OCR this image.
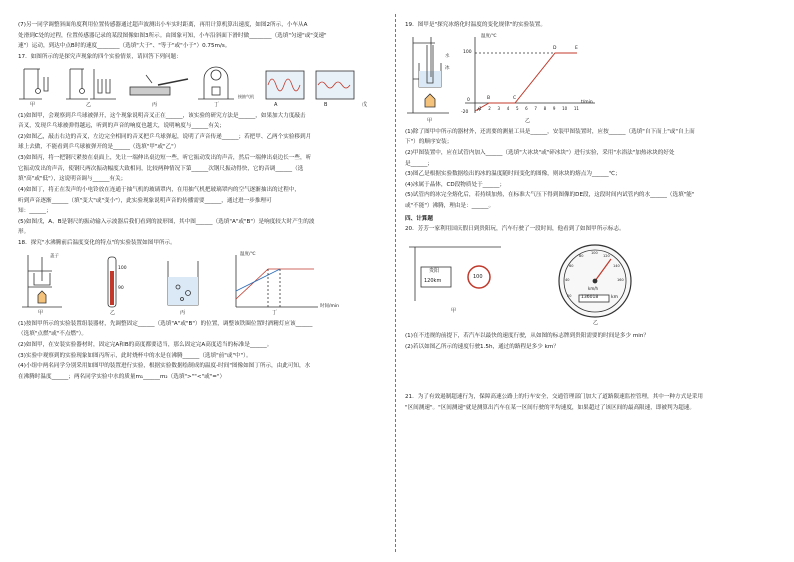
(7)另一同学调整斜面角度利用位置传感器通过超声波测出小车实时距离，再用计算机算出速度，如图2所示，小车从A

处滑到C处的过程，位置传感器记录的某段图像如图3所示。由图象可知，小车沿斜面下滑时做________（选填"匀速"或"变速"

速"）运动，到达中点B时的速度________（选填"大于"、"等于"或"小于"）0.75m/s。

17．如图所示的是探究声现象的四个实验情景，请回答下列问题：

甲	乙	丙	丁
接抽气机
A	B	戊

(1)如图甲，会观察到乒乓球被弹开，这个现象说明音叉正在______，该实验的研究方法是______，如果加大力度敲击

音叉，发现乒乓球被弹得越远，听到的声音的响度也越大，说明响度与______有关；

(2)如图乙，敲击右边的音叉，左边完全相同的音叉把乒乓球弹起，说明了声音传递______；若把甲、乙两个实验移到月

球上去做，不能看到乒乓球被弹开的是______（选填"甲"或"乙"）

(3)如图丙，将一把钢尺紧按在桌面上，先让一端伸出桌边短一些，听它振动发出的声音，然后一端伸出桌边长一些，听

它振动发出的声音，使钢尺两次振动幅度大致相同，比较两种情况下第______次钢尺振动得快，它的音调______（选

填"高"或"低"），这说明音调与______有关；

(4)如图丁，将正在发声的小电铃放在连通于抽气机的玻璃罩内，在用抽气机把玻璃罩内的空气逐渐抽出的过程中，

听到声音逐渐______（填"变大"或"变小"），此实验现象说明声音的传播需要______，通过进一步推理可

知：______；

(5)如图戊，A、B是钢尺的振动输入示波器后我们看到的波形图，其中图______（选填"A"或"B"）是响度较大时产生的波

形。

18．探究"水沸腾前后温度变化的特点"的实验装置如图甲所示。

盖子
100
90
温度/℃
时间/min
甲	乙	丙	丁

(1)按图甲所示的实验装置组装器材，先调整固定______（选填"A"或"B"）的位置，调整该铁圈位置时酒精灯应该______

（选填"点燃"或"不点燃"）。

(2)如图甲，在安装实验器材时，固定完A和B的高度都要适当，那么固定完A高度适当的标准是______。

(3)实验中观察到的实验现象如图丙所示，此时烧杯中的水是在沸腾______（选填"前"或"中"）。

(4)小组中两名同学分别采用如图甲的装置进行实验，根据实验数据绘制成的温度-时间"图像如图丁所示，由此可知，水

在沸腾时温度______；两名同学实验中水的质量m₁______m₂（选填">""<"或"="）

19．图甲是"探究冰熔化时温度的变化规律"的实验装置。

水
冰
温度/℃
t/min
100
0
-20 A
B	C
D	E
1 2 3 4 5 6 7 8 9 10 11
甲	乙

(1)除了图甲中所示的器材外，还需要的测量工具是______，安装甲图装置时，应按______（选填"自下而上"或"自上而

下"）的顺序安装；

(2)甲图装置中，应在试管内加入______（选填"大冰块"或"碎冰块"）进行实验，采用"水浴法"加热冰块的好处

是______；

(3)图乙是根据实验数据绘出的冰的温度随时间变化的图像，则冰块的熔点为______℃；

(4)冰属于晶体，CD段物质处于______；

(5)试管内的冰完全熔化后，若持续加热，在标准大气压下得到图像的DE段，这段时间内试管内的水______（选填"能"

或"不能"）沸腾，理由是：______。

四、计算题

20．芳芳一家利用国庆假日到贵阳玩，汽车行驶了一段时间，他看到了如图甲所示标志。

贵阳
120km
100
136018	km
km/h
20
40
60
80
100
120
140
160
甲
乙

(1)在不违规的前提下，若汽车以最快的速度行驶，从如图的标志牌到贵阳需要的时间是多少 min？

(2)若以如图乙所示的速度行驶1.5h，通过的路程是多少 km？

21．为了有效遏制超速行为，保障高速公路上的行车安全，交通管理部门加大了道路限速监控管理，其中一种方式是采用

"区间测速"。"区间测速"就是测算出汽车在某一区间行驶的平均速度，如果超过了该区间的最高限速，即被判为超速。
